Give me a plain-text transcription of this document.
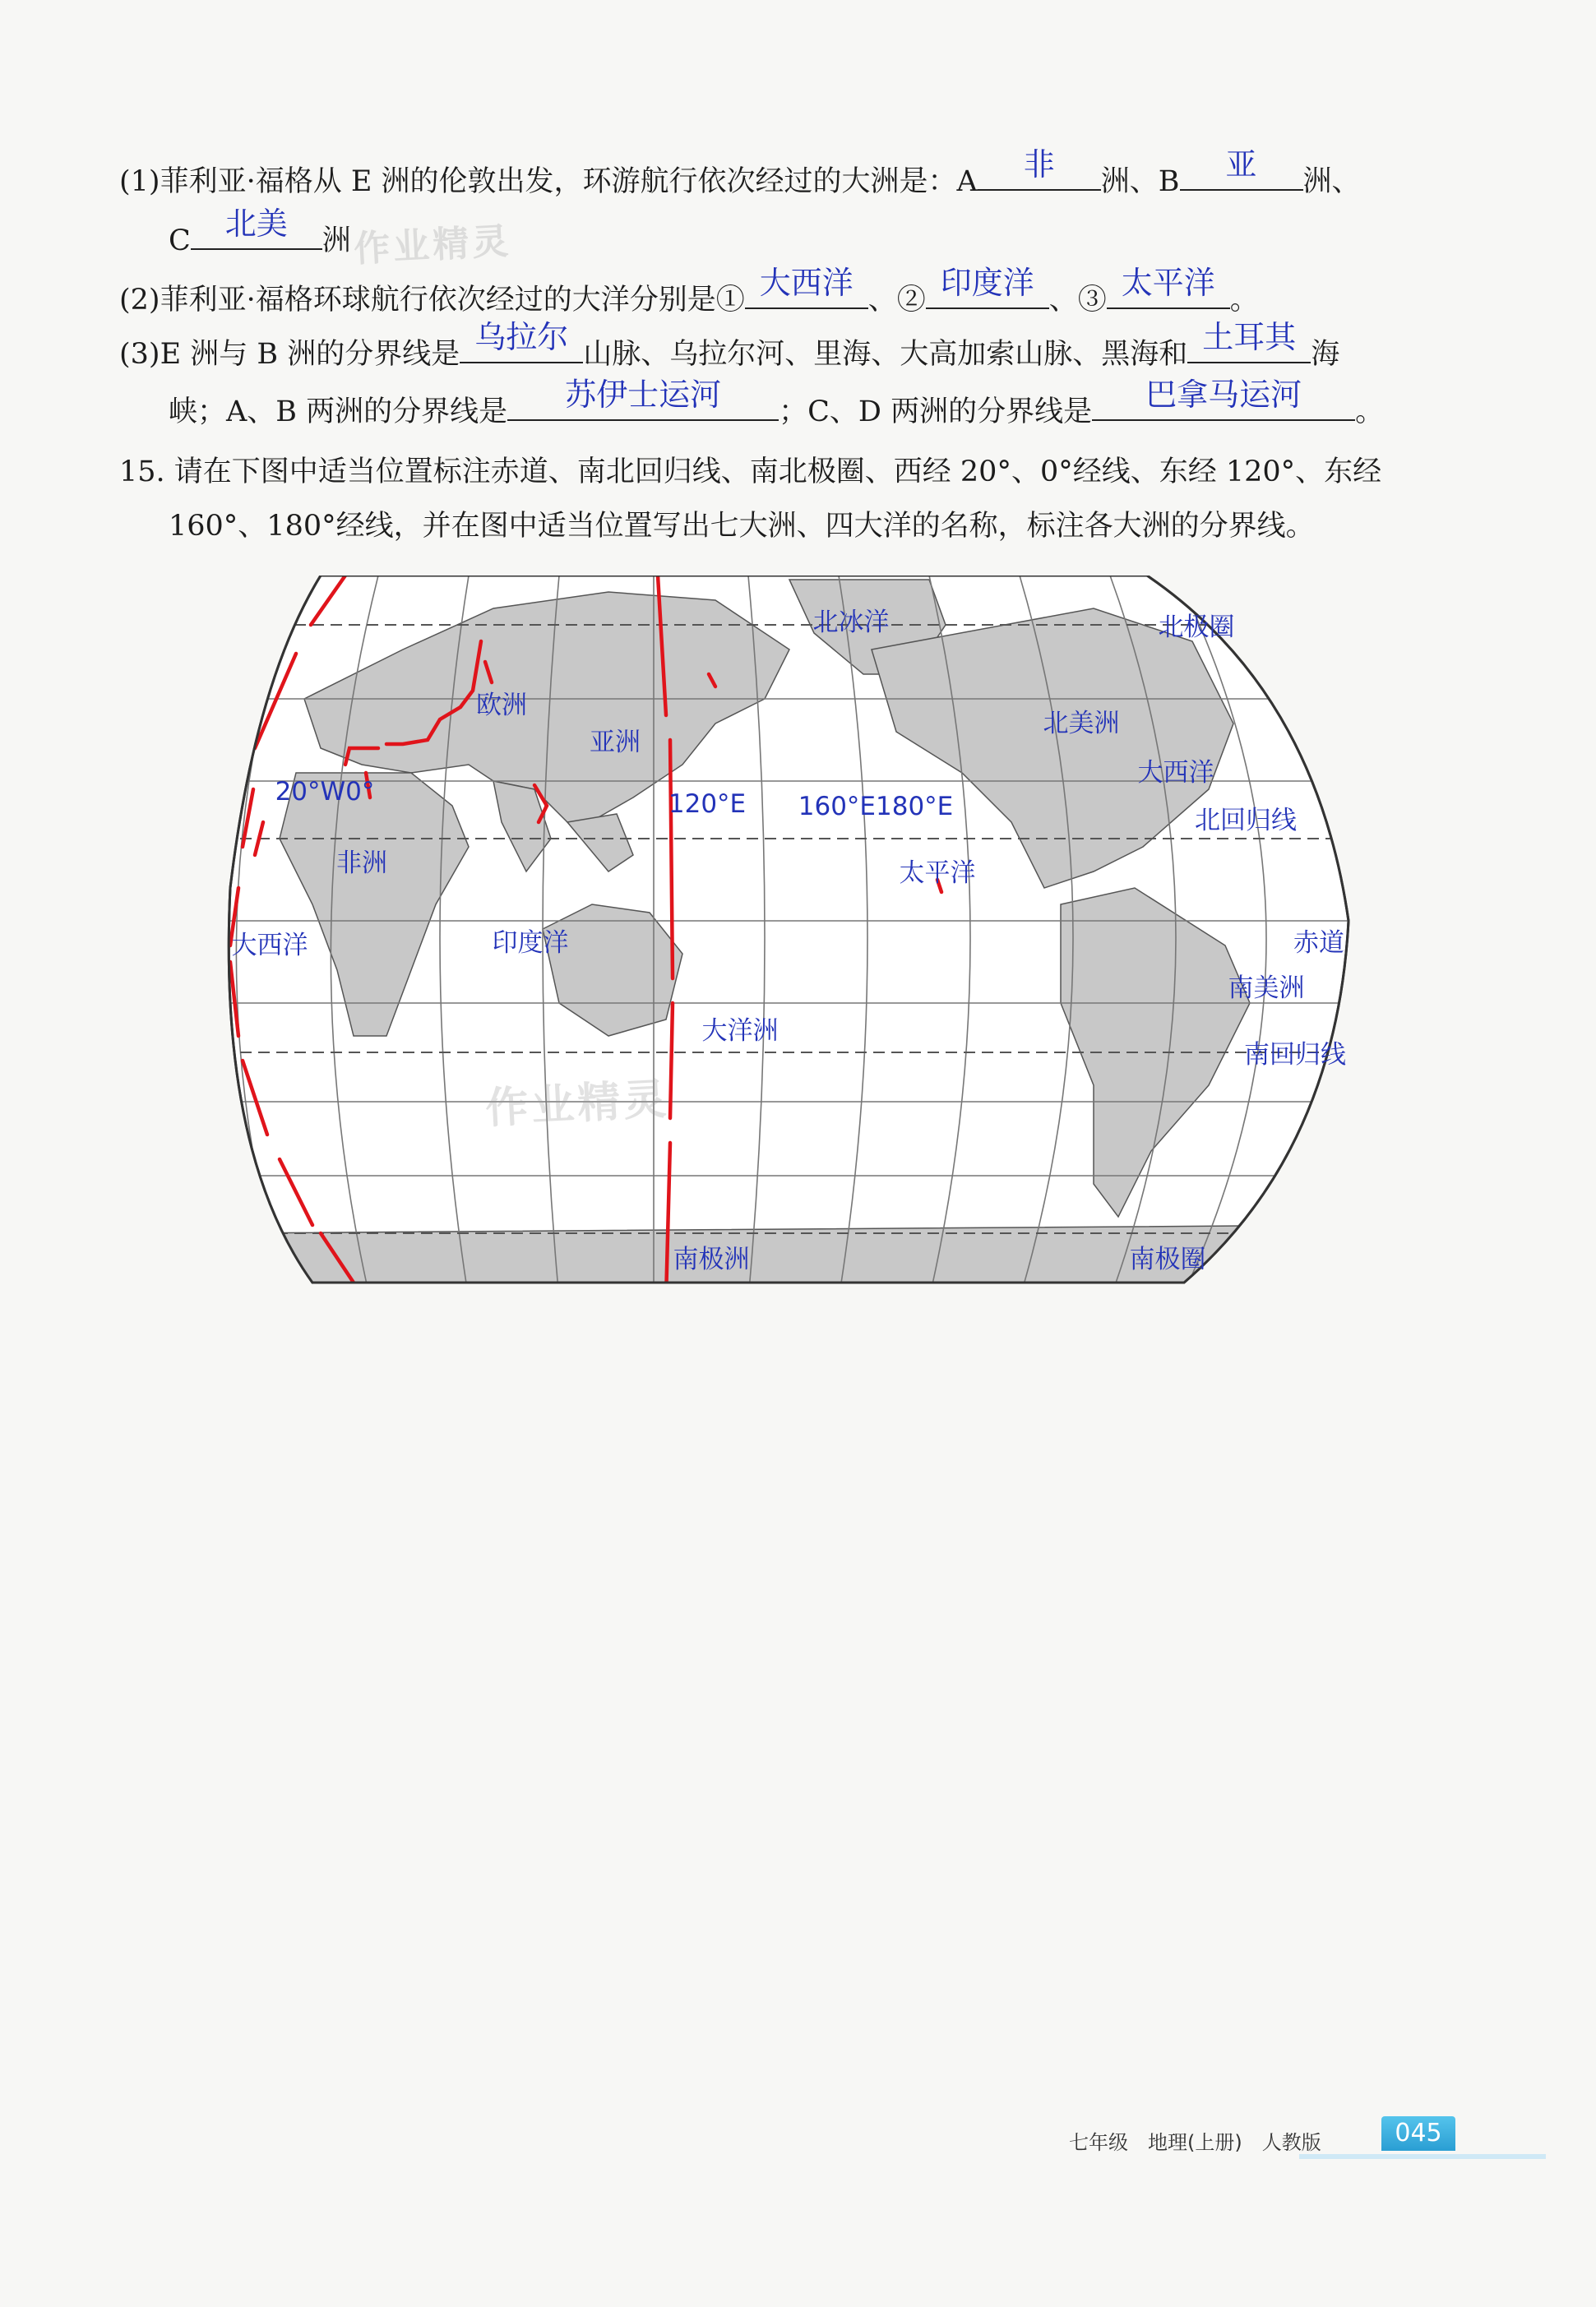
(1)菲利亚·福格从 E 洲的伦敦出发，环游航行依次经过的大洲是：A	非	洲、B	亚	洲、
C	北美	洲 作业精灵
(2)菲利亚·福格环球航行依次经过的大洋分别是① 大西洋 、② 印度洋 、③ 太平洋 。
(3)E 洲与 B 洲的分界线是 乌拉尔 山脉、乌拉尔河、里海、大高加索山脉、黑海和 土耳其 海
峡；A、B 两洲的分界线是	苏伊士运河	；C、D 两洲的分界线是	巴拿马运河	。
15. 请在下图中适当位置标注赤道、南北回归线、南北极圈、西经 20°、0°经线、东经 120°、东经
160°、180°经线，并在图中适当位置写出七大洲、四大洋的名称，标注各大洲的分界线。
北冰洋	北极圈
欧洲
亚洲
北美洲
大西洋
20°W0°	120°E 160°E180°E	北回归线
非洲	太平洋
大西洋	印度洋	赤道
南美洲
大洋洲
南回归线
南极洲	南极圈
作业精灵
七年级　地理(上册)　人教版	045
